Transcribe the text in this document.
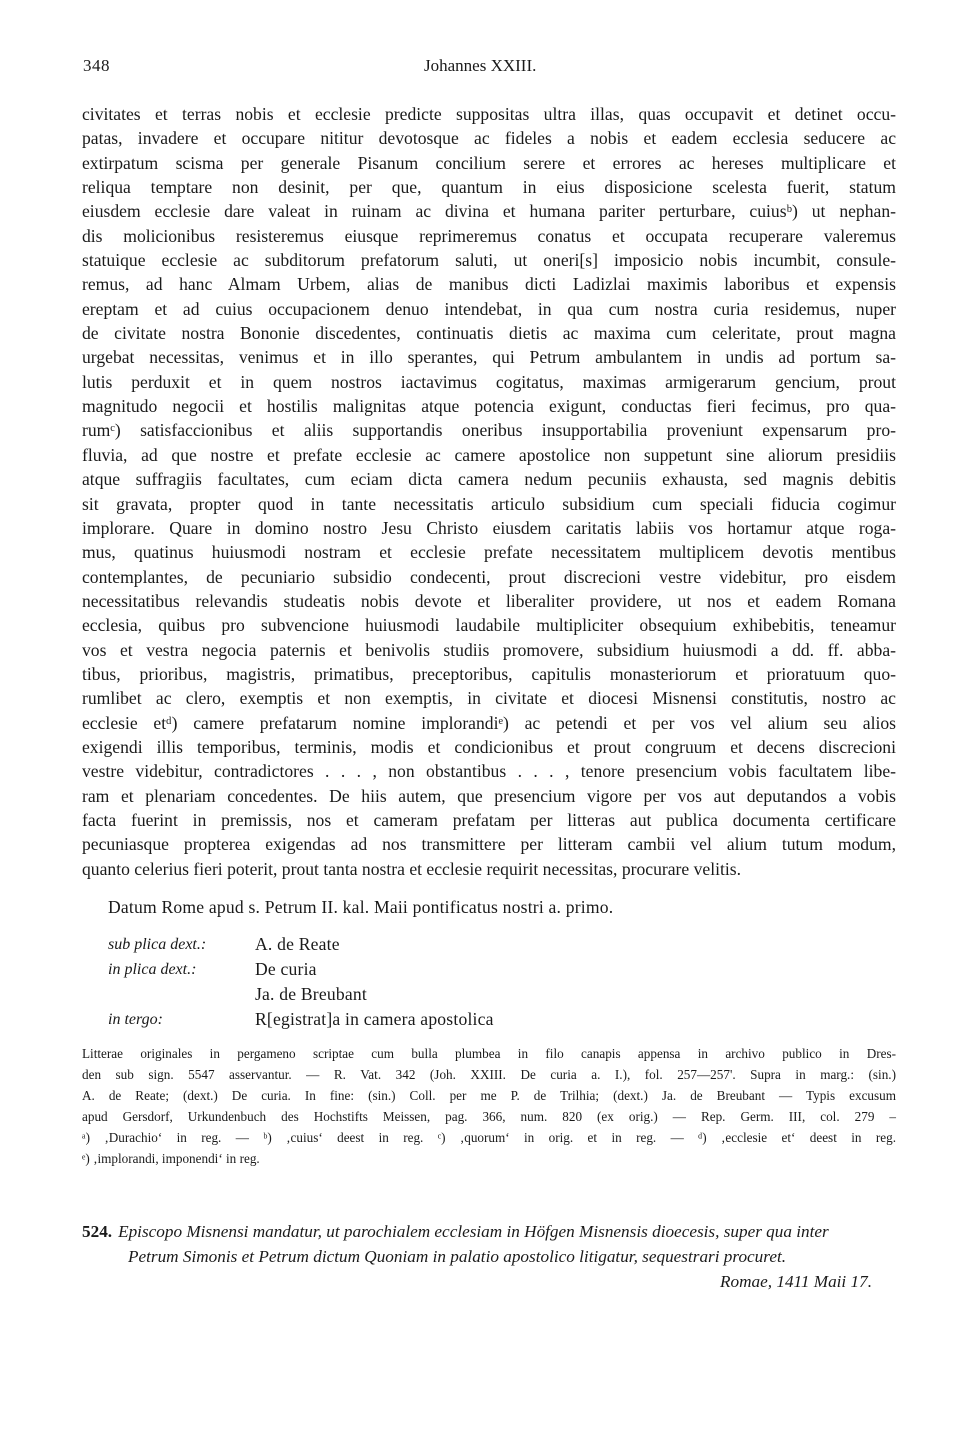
348	Johannes XXIII.
civitates et terras nobis et ecclesie predicte suppositas ultra illas, quas occupavit et detinet occu-
patas, invadere et occupare nititur devotosque ac fideles a nobis et eadem ecclesia seducere ac
extirpatum scisma per generale Pisanum concilium serere et errores ac hereses multiplicare et
reliqua temptare non desinit, per que, quantum in eius disposicione scelesta fuerit, statum
eiusdem ecclesie dare valeat in ruinam ac divina et humana pariter perturbare, cuiusᵇ) ut nephan-
dis molicionibus resisteremus eiusque reprimeremus conatus et occupata recuperare valeremus
statuique ecclesie ac subditorum prefatorum saluti, ut oneri[s] imposicio nobis incumbit, consule-
remus, ad hanc Almam Urbem, alias de manibus dicti Ladizlai maximis laboribus et expensis
ereptam et ad cuius occupacionem denuo intendebat, in qua cum nostra curia residemus, nuper
de civitate nostra Bononie discedentes, continuatis dietis ac maxima cum celeritate, prout magna
urgebat necessitas, venimus et in illo sperantes, qui Petrum ambulantem in undis ad portum sa-
lutis perduxit et in quem nostros iactavimus cogitatus, maximas armigerarum gencium, prout
magnitudo negocii et hostilis malignitas atque potencia exigunt, conductas fieri fecimus, pro qua-
rumᶜ) satisfaccionibus et aliis supportandis oneribus insupportabilia proveniunt expensarum pro-
fluvia, ad que nostre et prefate ecclesie ac camere apostolice non suppetunt sine aliorum presidiis
atque suffragiis facultates, cum eciam dicta camera nedum pecuniis exhausta, sed magnis debitis
sit gravata, propter quod in tante necessitatis articulo subsidium cum speciali fiducia cogimur
implorare. Quare in domino nostro Jesu Christo eiusdem caritatis labiis vos hortamur atque roga-
mus, quatinus huiusmodi nostram et ecclesie prefate necessitatem multiplicem devotis mentibus
contemplantes, de pecuniario subsidio condecenti, prout discrecioni vestre videbitur, pro eisdem
necessitatibus relevandis studeatis nobis devote et liberaliter providere, ut nos et eadem Romana
ecclesia, quibus pro subvencione huiusmodi laudabile multipliciter obsequium exhibebitis, teneamur
vos et vestra negocia paternis et benivolis studiis promovere, subsidium huiusmodi a dd. ff. abba-
tibus, prioribus, magistris, primatibus, preceptoribus, capitulis monasteriorum et prioratuum quo-
rumlibet ac clero, exemptis et non exemptis, in civitate et diocesi Misnensi constitutis, nostro ac
ecclesie etᵈ) camere prefatarum nomine implorandiᵉ) ac petendi et per vos vel alium seu alios
exigendi illis temporibus, terminis, modis et condicionibus et prout congruum et decens discrecioni
vestre videbitur, contradictores . . . , non obstantibus . . . , tenore presencium vobis facultatem libe-
ram et plenariam concedentes. De hiis autem, que presencium vigore per vos aut deputandos a vobis
facta fuerint in premissis, nos et cameram prefatam per litteras aut publica documenta certificare
pecuniasque propterea exigendas ad nos transmittere per litteram cambii vel alium tutum modum,
quanto celerius fieri poterit, prout tanta nostra et ecclesie requirit necessitas, procurare velitis.
Datum Rome apud s. Petrum II. kal. Maii pontificatus nostri a. primo.
sub plica dext.:	A. de Reate
in plica dext.:	De curia
Ja. de Breubant
in tergo:	R[egistrat]a in camera apostolica
Litterae originales in pergameno scriptae cum bulla plumbea in filo canapis appensa in archivo publico in Dres-
den sub sign. 5547 asservantur. — R. Vat. 342 (Joh. XXIII. De curia a. I.), fol. 257—257'. Supra in marg.: (sin.)
A. de Reate; (dext.) De curia. In fine: (sin.) Coll. per me P. de Trilhia; (dext.) Ja. de Breubant — Typis excusum
apud Gersdorf, Urkundenbuch des Hochstifts Meissen, pag. 366, num. 820 (ex orig.) — Rep. Germ. III, col. 279 –
ᵃ) ‚Durachio‘ in reg. — ᵇ) ‚cuius‘ deest in reg. ᶜ) ‚quorum‘ in orig. et in reg. — ᵈ) ‚ecclesie et‘ deest in reg.
ᵉ) ‚implorandi, imponendi‘ in reg.
524. Episcopo Misnensi mandatur, ut parochialem ecclesiam in Höfgen Misnensis dioecesis, super qua inter
Petrum Simonis et Petrum dictum Quoniam in palatio apostolico litigatur, sequestrari procuret.
Romae, 1411 Maii 17.
